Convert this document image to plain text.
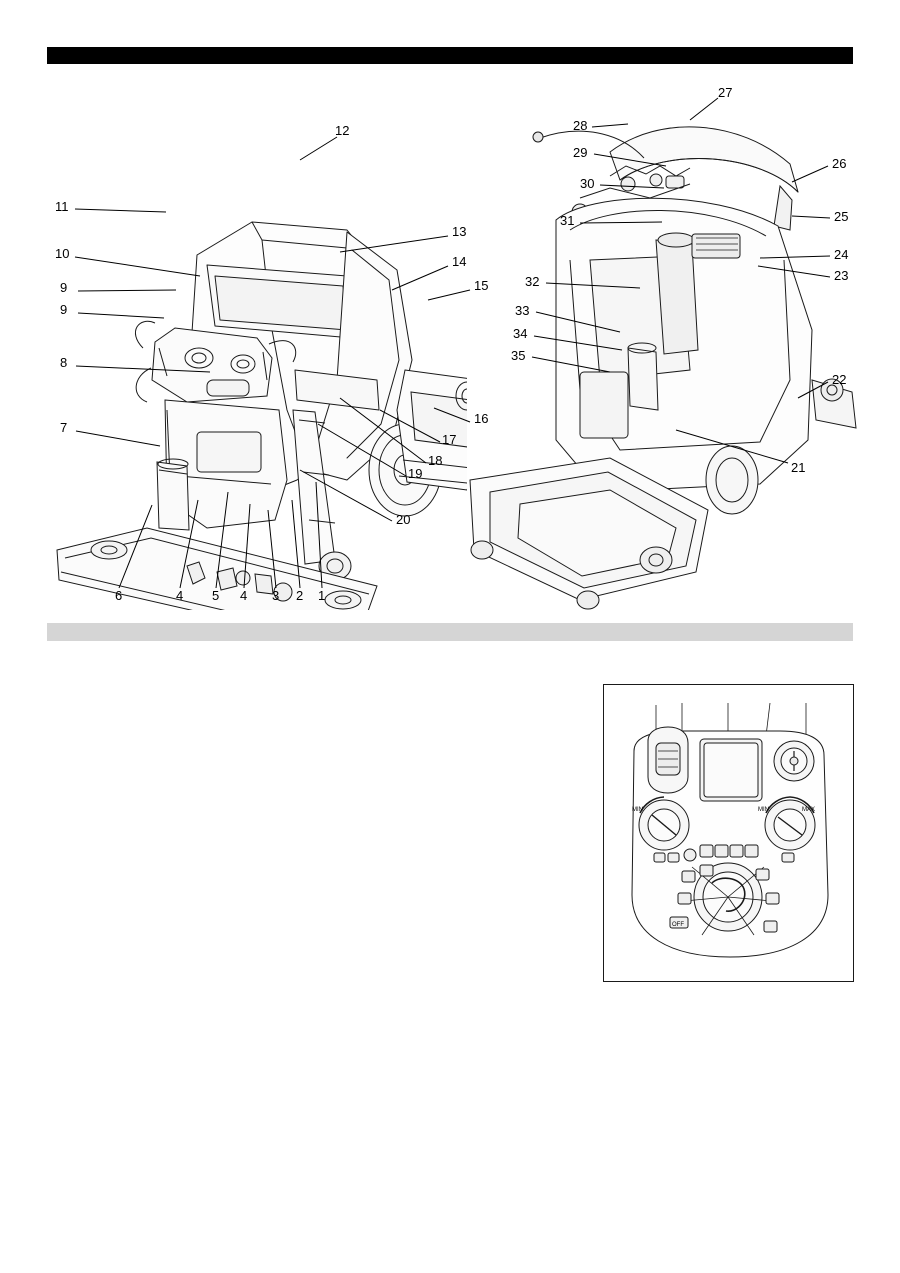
MIN	MIN	MAX
OFF
12
11
13
10
14
9	15
9
8
16
7
17
18
19
20
6	4 5 4 3 2 1
27
28
29
26
30
25
31
24
23
32
33
34
35
22
21
